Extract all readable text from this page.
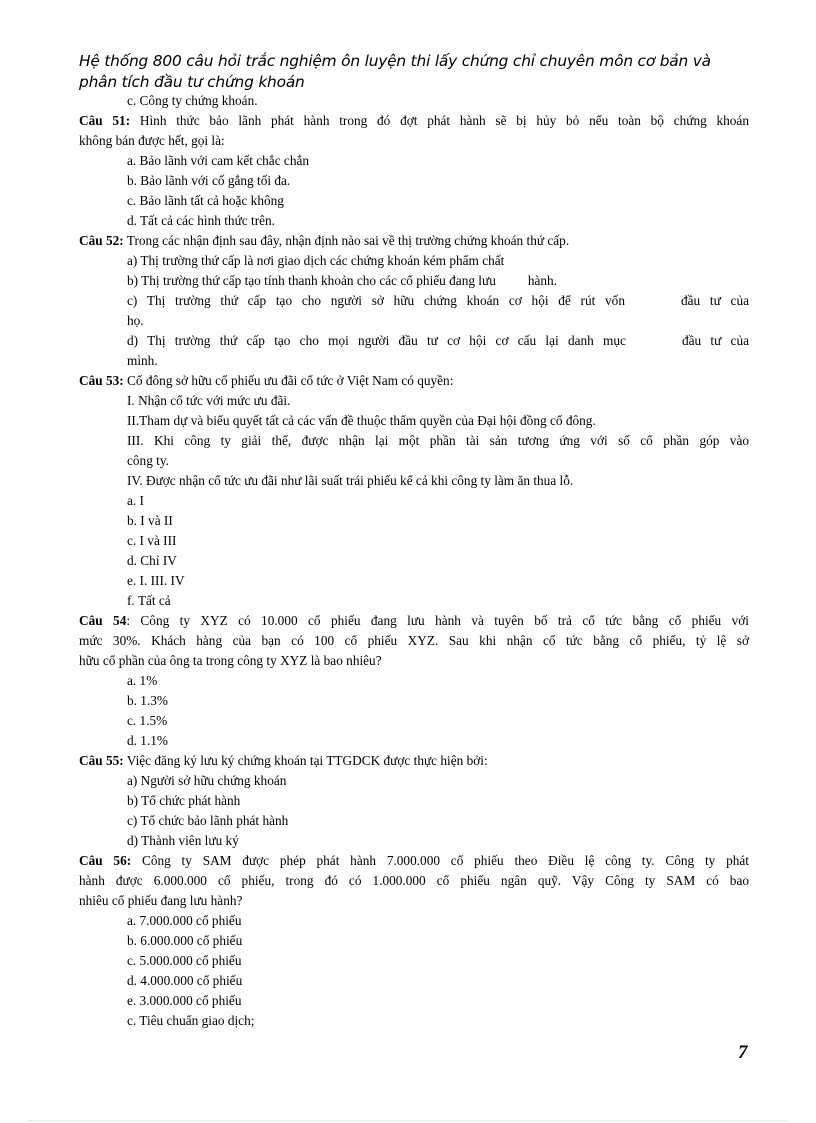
Hệ thống 800 câu hỏi trắc nghiệm ôn luyện thi lấy chứng chỉ chuyên môn cơ bản và
phân tích đầu tư chứng khoán
c. Công ty chứng khoán.
Câu 51: Hình thức bảo lãnh phát hành trong đó đợt phát hành sẽ bị hủy bỏ nếu toàn bộ chứng khoán
không bán được hết, gọi là:
a. Bảo lãnh với cam kết chắc chắn
b. Bảo lãnh với cố gắng tối đa.
c. Bảo lãnh tất cả hoặc không
d. Tất cả các hình thức trên.
Câu 52: Trong các nhận định sau đây, nhận định nào sai về thị trường chứng khoán thứ cấp.
a) Thị trường thứ cấp là nơi giao dịch các chứng khoán kém phẩm chất
b) Thị trường thứ cấp tạo tính thanh khoản cho các cổ phiếu đang lưu hành.
c) Thị trường thứ cấp tạo cho người sở hữu chứng khoán cơ hội để rút vốn	đầu tư của
họ.
d) Thị trường thứ cấp tạo cho mọi người đầu tư cơ hội cơ cấu lại danh mục	đầu tư của
mình.
Câu 53: Cổ đông sở hữu cổ phiếu ưu đãi cổ tức ở Việt Nam có quyền:
I. Nhận cổ tức với mức ưu đãi.
II.Tham dự và biểu quyết tất cả các vấn đề thuộc thẩm quyền của Đại hội đồng cổ đông.
III. Khi công ty giải thể, được nhận lại một phần tài sản tương ứng với số cổ phần góp vào
công ty.
IV. Được nhận cổ tức ưu đãi như lãi suất trái phiếu kể cả khi công ty làm ăn thua lỗ.
a. I
b. I và II
c. I và III
d. Chỉ IV
e. I. III. IV
f. Tất cả
Câu 54: Công ty XYZ có 10.000 cổ phiếu đang lưu hành và tuyên bố trả cổ tức bằng cổ phiếu với
mức 30%. Khách hàng của bạn có 100 cổ phiếu XYZ. Sau khi nhận cổ tức bằng cổ phiếu, tỷ lệ sở
hữu cổ phần của ông ta trong công ty XYZ là bao nhiêu?
a. 1%
b. 1.3%
c. 1.5%
d. 1.1%
Câu 55: Việc đăng ký lưu ký chứng khoán tại TTGDCK được thực hiện bởi:
a) Người sở hữu chứng khoán
b) Tổ chức phát hành
c) Tổ chức bảo lãnh phát hành
d) Thành viên lưu ký
Câu 56: Công ty SAM được phép phát hành 7.000.000 cổ phiếu theo Điều lệ công ty. Công ty phát
hành được 6.000.000 cổ phiếu, trong đó có 1.000.000 cổ phiếu ngân quỹ. Vậy Công ty SAM có bao
nhiêu cổ phiếu đang lưu hành?
a. 7.000.000 cổ phiếu
b. 6.000.000 cổ phiếu
c. 5.000.000 cổ phiếu
d. 4.000.000 cổ phiếu
e. 3.000.000 cổ phiếu
c. Tiêu chuẩn giao dịch;
7
